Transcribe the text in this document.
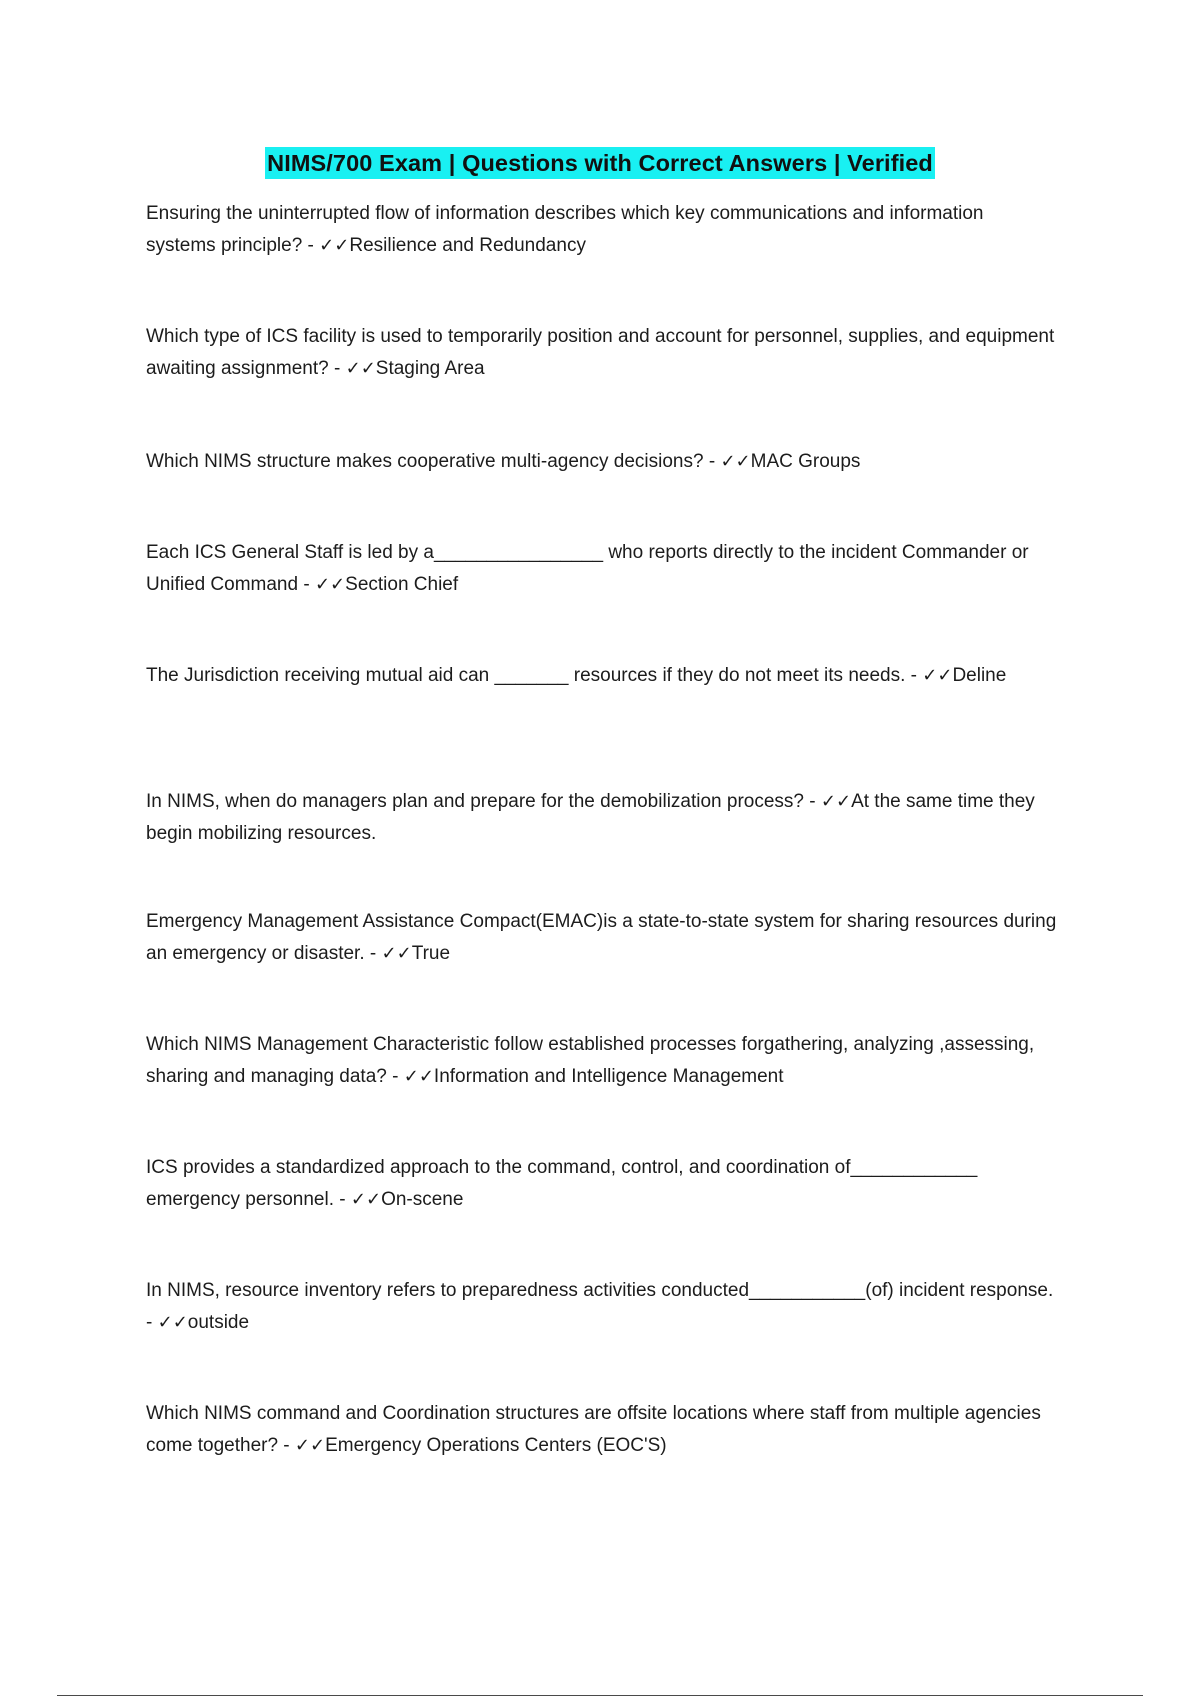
NIMS/700 Exam | Questions with Correct Answers | Verified
Ensuring the uninterrupted flow of information describes which key communications and information systems principle? - ✓✓Resilience and Redundancy
Which type of ICS facility is used to temporarily position and account for personnel, supplies, and equipment awaiting assignment? - ✓✓Staging Area
Which NIMS structure makes cooperative multi-agency decisions? - ✓✓MAC Groups
Each ICS General Staff is led by a________________ who reports directly to the incident Commander or Unified Command - ✓✓Section Chief
The Jurisdiction receiving mutual aid can _______ resources if they do not meet its needs. - ✓✓Deline
In NIMS, when do managers plan and prepare for the demobilization process? - ✓✓At the same time they begin mobilizing resources.
Emergency Management Assistance Compact(EMAC)is a state-to-state system for sharing resources during an emergency or disaster. - ✓✓True
Which NIMS Management Characteristic follow established processes forgathering, analyzing ,assessing, sharing and managing data? - ✓✓Information and Intelligence Management
ICS provides a standardized approach to the command, control, and coordination of____________ emergency personnel. - ✓✓On-scene
In NIMS, resource inventory refers to preparedness activities conducted___________(of) incident response. - ✓✓outside
Which NIMS command and Coordination structures are offsite locations where staff from multiple agencies come together? - ✓✓Emergency Operations Centers (EOC'S)
